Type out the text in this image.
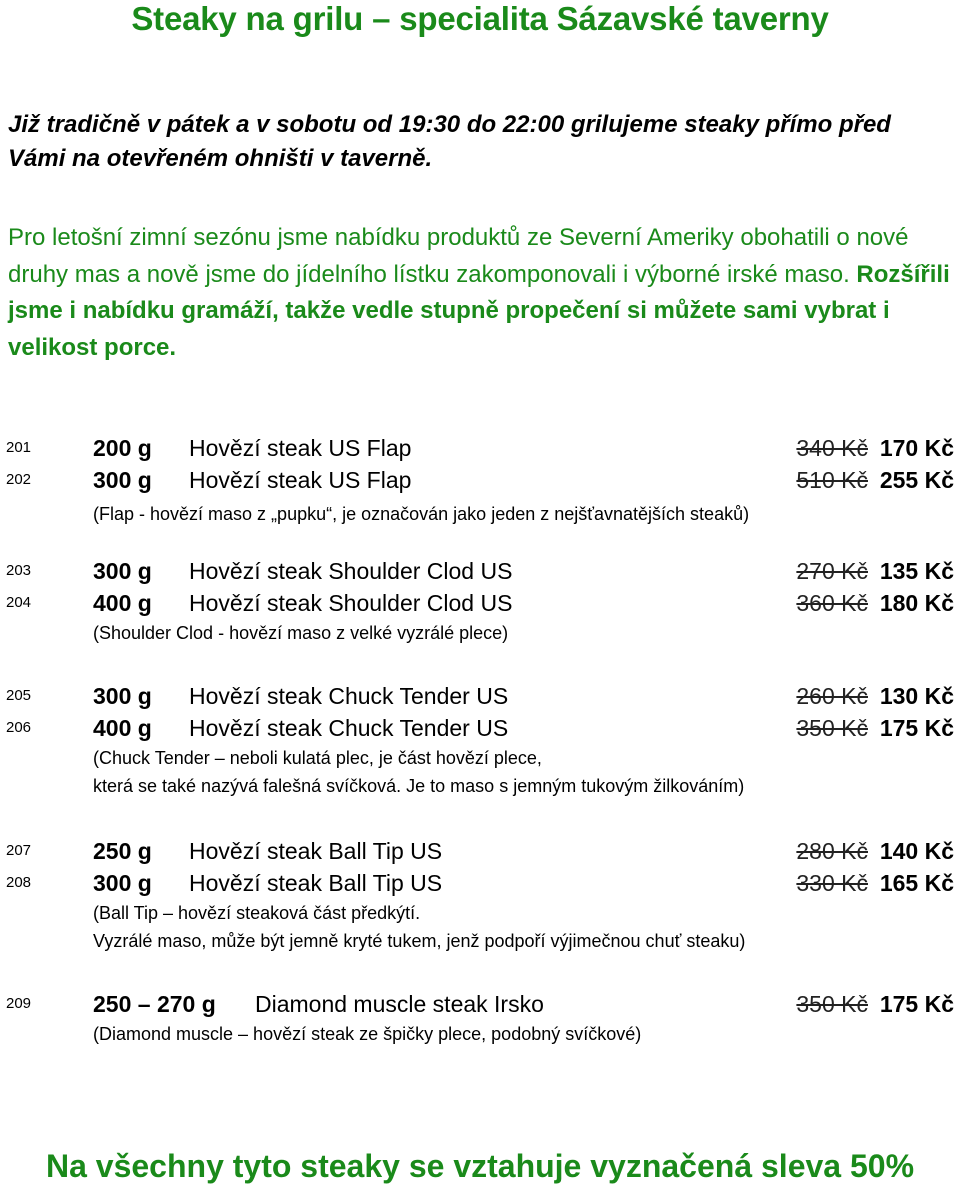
Steaky na grilu – specialita Sázavské taverny
Již tradičně v pátek a v sobotu od 19:30 do 22:00 grilujeme steaky přímo před Vámi na otevřeném ohništi v taverně.
Pro letošní zimní sezónu jsme nabídku produktů ze Severní Ameriky obohatili o nové druhy mas a nově jsme do jídelního lístku zakomponovali i výborné irské maso. Rozšířili jsme i nabídku gramáží, takže vedle stupně propečení si můžete sami vybrat i velikost porce.
201	200 g Hovězí steak US Flap	340 Kč 170 Kč
202	300 g Hovězí steak US Flap	510 Kč 255 Kč
(Flap - hovězí maso z „pupku“, je označován jako jeden z nejšťavnatějších steaků)
203	300 g Hovězí steak Shoulder Clod US	270 Kč 135 Kč
204	400 g Hovězí steak Shoulder Clod US	360 Kč 180 Kč
(Shoulder Clod - hovězí maso z velké vyzrálé plece)
205	300 g Hovězí steak Chuck Tender US	260 Kč 130 Kč
206	400 g Hovězí steak Chuck Tender US	350 Kč 175 Kč
(Chuck Tender – neboli kulatá plec, je část hovězí plece,
která se také nazývá falešná svíčková. Je to maso s jemným tukovým žilkováním)
207	250 g Hovězí steak Ball Tip US	280 Kč 140 Kč
208	300 g Hovězí steak Ball Tip US	330 Kč 165 Kč
(Ball Tip – hovězí steaková část předkýtí.
Vyzrálé maso, může být jemně kryté tukem, jenž podpoří výjimečnou chuť steaku)
209	250 – 270 g Diamond muscle steak Irsko	350 Kč 175 Kč
(Diamond muscle – hovězí steak ze špičky plece, podobný svíčkové)
Na všechny tyto steaky se vztahuje vyznačená sleva 50%
